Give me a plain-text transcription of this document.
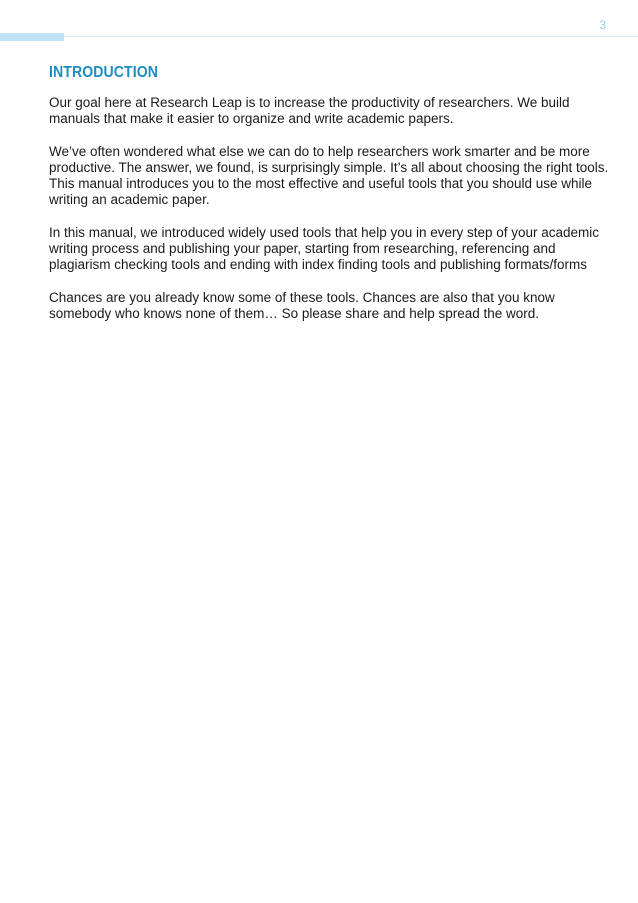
3
INTRODUCTION

Our goal here at Research Leap is to increase the productivity of researchers. We build manuals that make it easier to organize and write academic papers.

We’ve often wondered what else we can do to help researchers work smarter and be more productive. The answer, we found, is surprisingly simple. It’s all about choosing the right tools. This manual introduces you to the most effective and useful tools that you should use while writing an academic paper.

In this manual, we introduced widely used tools that help you in every step of your academic writing process and publishing your paper, starting from researching, referencing and plagiarism checking tools and ending with index finding tools and publishing formats/forms

Chances are you already know some of these tools. Chances are also that you know somebody who knows none of them… So please share and help spread the word.
